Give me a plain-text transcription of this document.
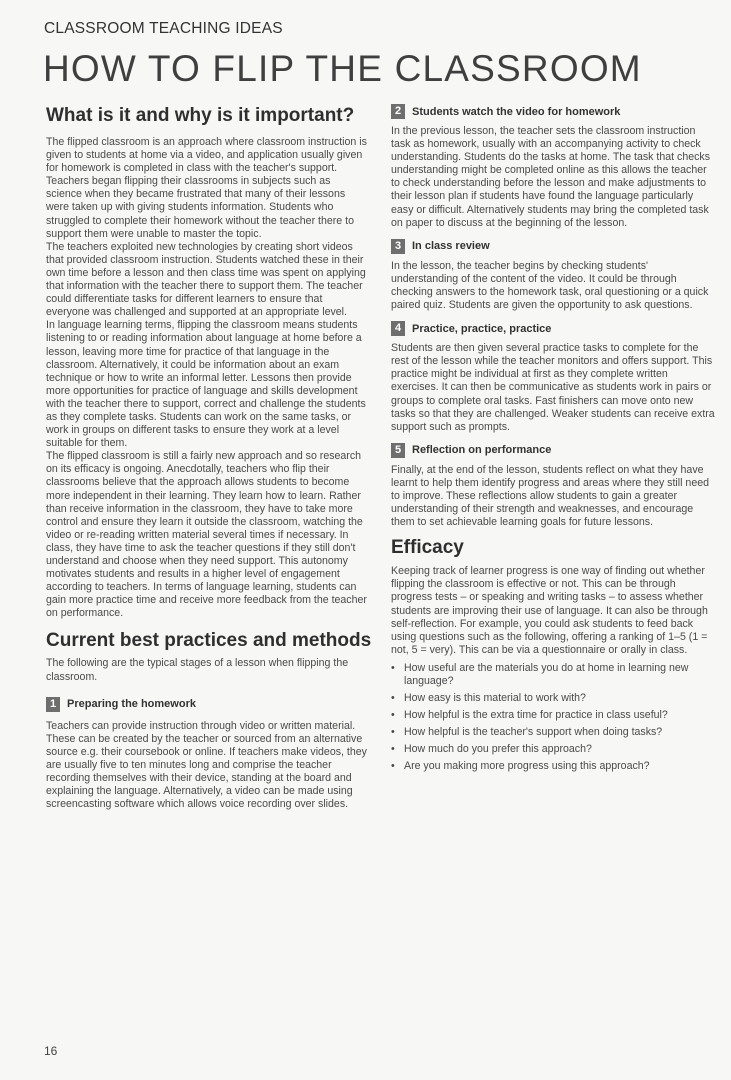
CLASSROOM TEACHING IDEAS
HOW TO FLIP THE CLASSROOM
What is it and why is it important?

The flipped classroom is an approach where classroom instruction is given to students at home via a video, and application usually given for homework is completed in class with the teacher's support.

Teachers began flipping their classrooms in subjects such as science when they became frustrated that many of their lessons were taken up with giving students information. Students who struggled to complete their homework without the teacher there to support them were unable to master the topic.

The teachers exploited new technologies by creating short videos that provided classroom instruction. Students watched these in their own time before a lesson and then class time was spent on applying that information with the teacher there to support them. The teacher could differentiate tasks for different learners to ensure that everyone was challenged and supported at an appropriate level.

In language learning terms, flipping the classroom means students listening to or reading information about language at home before a lesson, leaving more time for practice of that language in the classroom. Alternatively, it could be information about an exam technique or how to write an informal letter. Lessons then provide more opportunities for practice of language and skills development with the teacher there to support, correct and challenge the students as they complete tasks. Students can work on the same tasks, or work in groups on different tasks to ensure they work at a level suitable for them.

The flipped classroom is still a fairly new approach and so research on its efficacy is ongoing. Anecdotally, teachers who flip their classrooms believe that the approach allows students to become more independent in their learning. They learn how to learn. Rather than receive information in the classroom, they have to take more control and ensure they learn it outside the classroom, watching the video or re-reading written material several times if necessary. In class, they have time to ask the teacher questions if they still don't understand and choose when they need support. This autonomy motivates students and results in a higher level of engagement according to teachers. In terms of language learning, students can gain more practice time and receive more feedback from the teacher on performance.

Current best practices and methods

The following are the typical stages of a lesson when flipping the classroom.

1 Preparing the homework

Teachers can provide instruction through video or written material. These can be created by the teacher or sourced from an alternative source e.g. their coursebook or online. If teachers make videos, they are usually five to ten minutes long and comprise the teacher recording themselves with their device, standing at the board and explaining the language. Alternatively, a video can be made using screencasting software which allows voice recording over slides.

2 Students watch the video for homework

In the previous lesson, the teacher sets the classroom instruction task as homework, usually with an accompanying activity to check understanding. Students do the tasks at home. The task that checks understanding might be completed online as this allows the teacher to check understanding before the lesson and make adjustments to their lesson plan if students have found the language particularly easy or difficult. Alternatively students may bring the completed task on paper to discuss at the beginning of the lesson.

3 In class review

In the lesson, the teacher begins by checking students' understanding of the content of the video. It could be through checking answers to the homework task, oral questioning or a quick paired quiz. Students are given the opportunity to ask questions.

4 Practice, practice, practice

Students are then given several practice tasks to complete for the rest of the lesson while the teacher monitors and offers support. This practice might be individual at first as they complete written exercises. It can then be communicative as students work in pairs or groups to complete oral tasks. Fast finishers can move onto new tasks so that they are challenged. Weaker students can receive extra support such as prompts.

5 Reflection on performance

Finally, at the end of the lesson, students reflect on what they have learnt to help them identify progress and areas where they still need to improve. These reflections allow students to gain a greater understanding of their strength and weaknesses, and encourage them to set achievable learning goals for future lessons.

Efficacy

Keeping track of learner progress is one way of finding out whether flipping the classroom is effective or not. This can be through progress tests – or speaking and writing tasks – to assess whether students are improving their use of language. It can also be through self-reflection. For example, you could ask students to feed back using questions such as the following, offering a ranking of 1–5 (1 = not, 5 = very). This can be via a questionnaire or orally in class.

• How useful are the materials you do at home in learning new language?
• How easy is this material to work with?
• How helpful is the extra time for practice in class useful?
• How helpful is the teacher's support when doing tasks?
• How much do you prefer this approach?
• Are you making more progress using this approach?
16
